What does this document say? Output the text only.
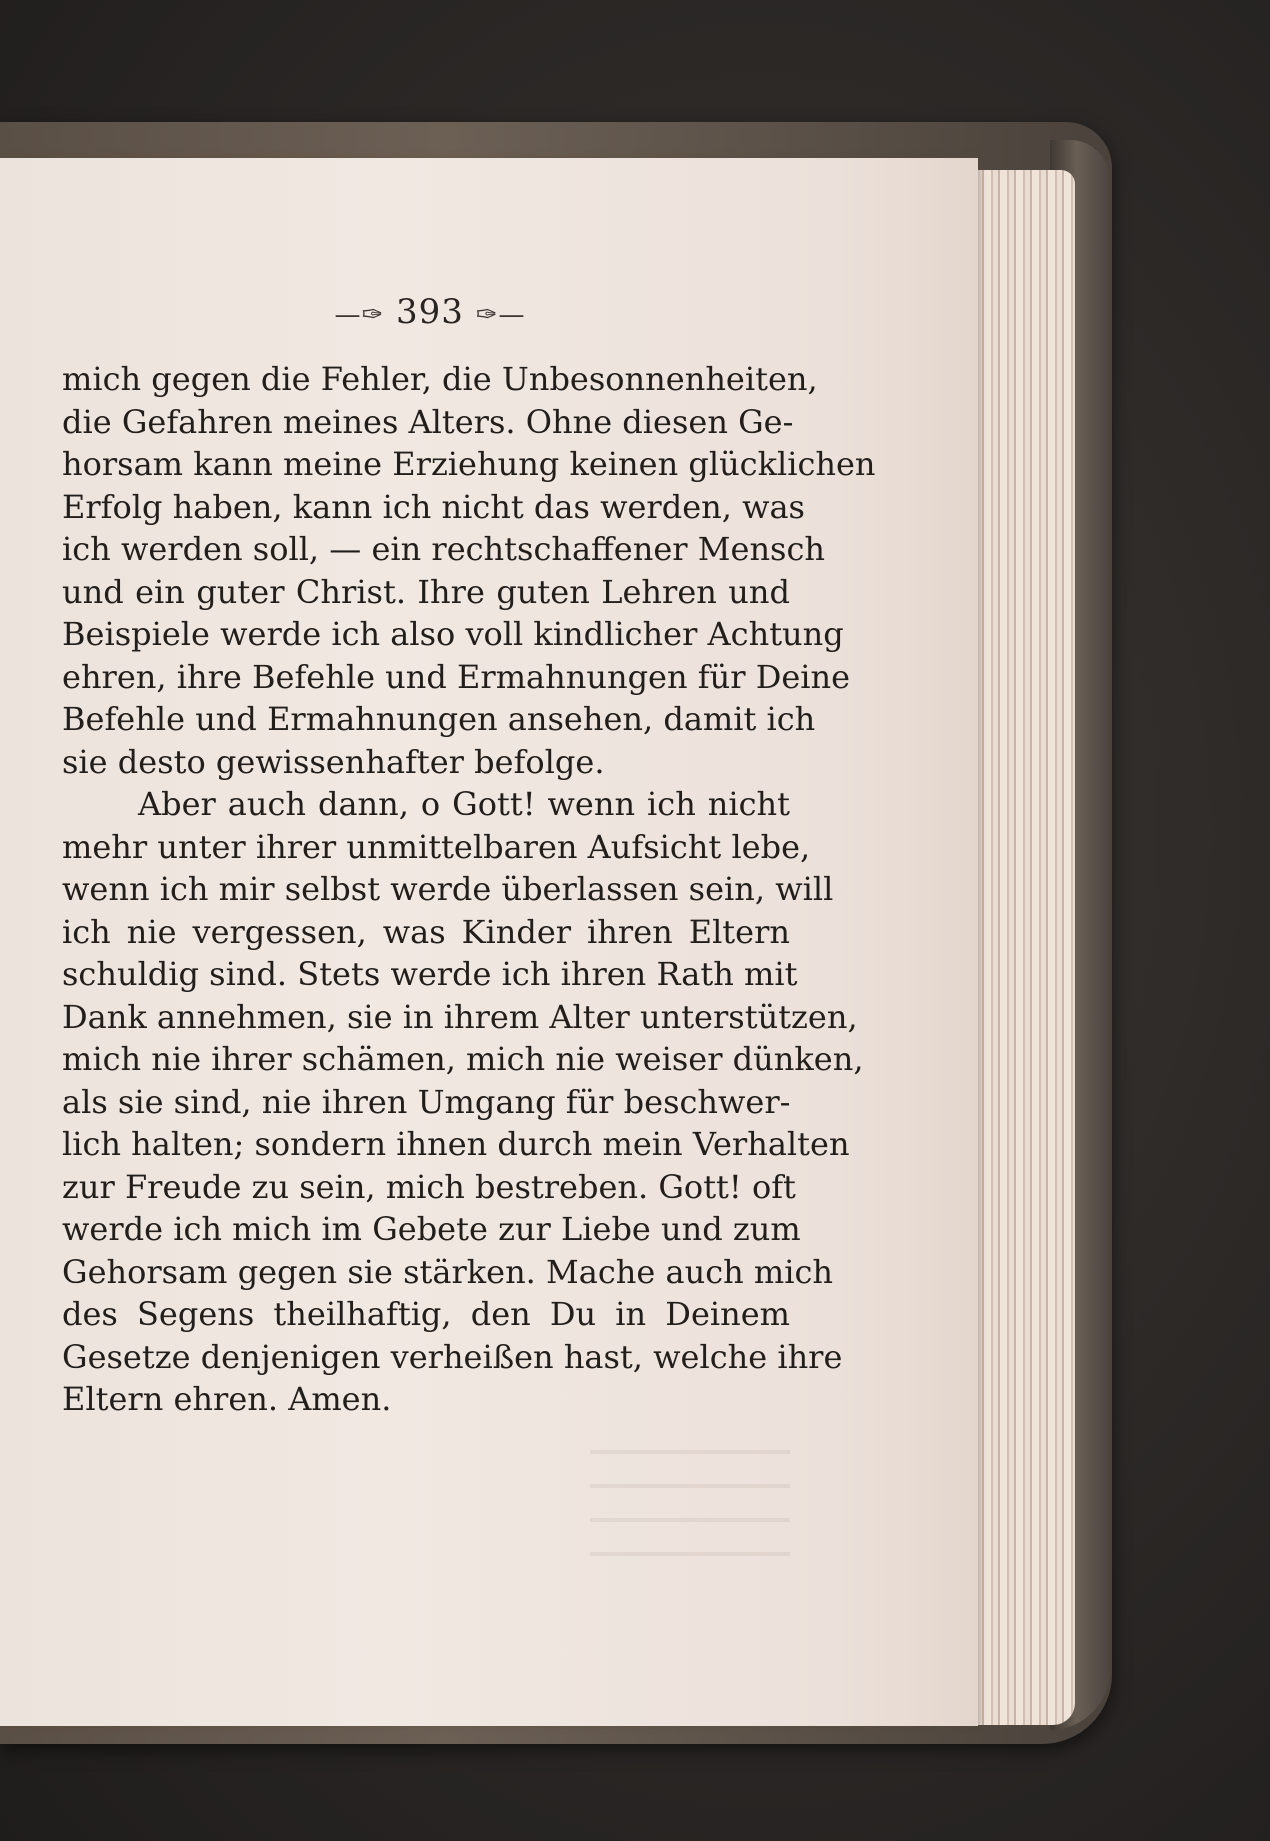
—✑ 393 ✑—
mich gegen die Fehler, die Unbesonnenheiten,
die Gefahren meines Alters. Ohne diesen Ge-
horsam kann meine Erziehung keinen glücklichen
Erfolg haben, kann ich nicht das werden, was
ich werden soll, — ein rechtschaffener Mensch
und ein guter Christ. Ihre guten Lehren und
Beispiele werde ich also voll kindlicher Achtung
ehren, ihre Befehle und Ermahnungen für Deine
Befehle und Ermahnungen ansehen, damit ich
sie desto gewissenhafter befolge.
Aber auch dann, o Gott! wenn ich nicht
mehr unter ihrer unmittelbaren Aufsicht lebe,
wenn ich mir selbst werde überlassen sein, will
ich nie vergessen, was Kinder ihren Eltern
schuldig sind. Stets werde ich ihren Rath mit
Dank annehmen, sie in ihrem Alter unterstützen,
mich nie ihrer schämen, mich nie weiser dünken,
als sie sind, nie ihren Umgang für beschwer-
lich halten; sondern ihnen durch mein Verhalten
zur Freude zu sein, mich bestreben. Gott! oft
werde ich mich im Gebete zur Liebe und zum
Gehorsam gegen sie stärken. Mache auch mich
des Segens theilhaftig, den Du in Deinem
Gesetze denjenigen verheißen hast, welche ihre
Eltern ehren. Amen.
